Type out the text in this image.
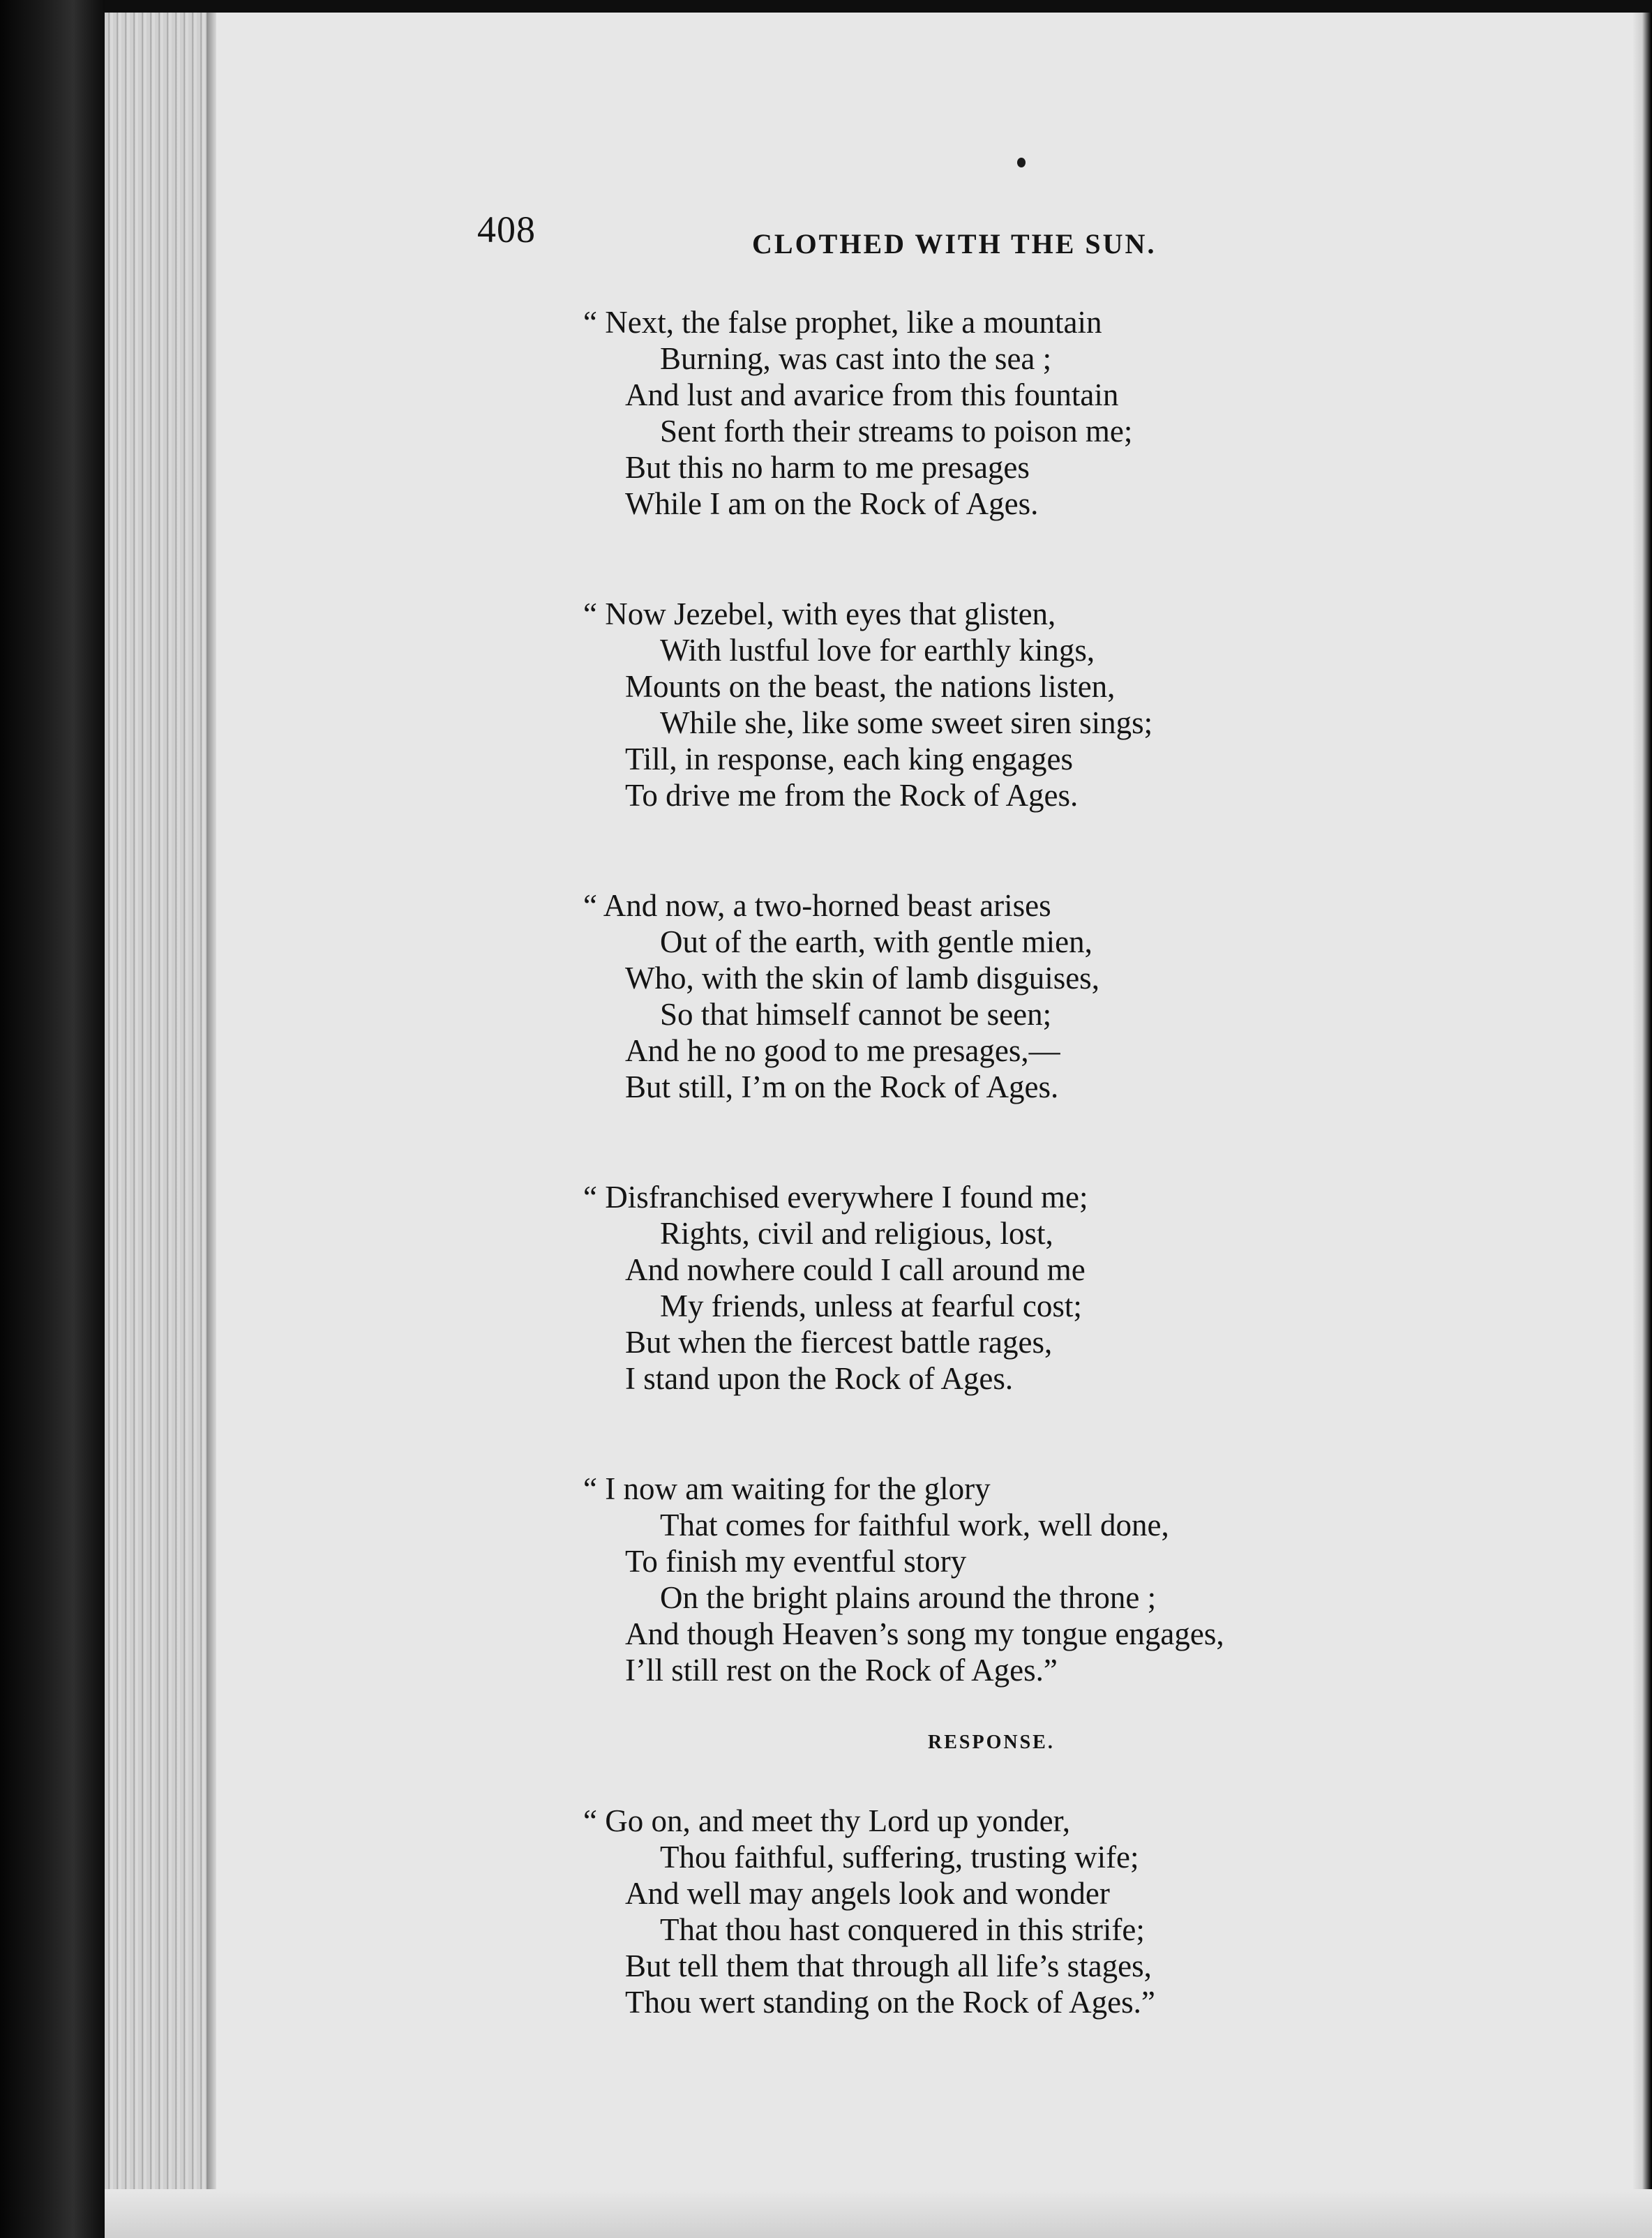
408	CLOTHED WITH THE SUN.
“ Next, the false prophet, like a mountain
Burning, was cast into the sea ;
And lust and avarice from this fountain
Sent forth their streams to poison me;
But this no harm to me presages
While I am on the Rock of Ages.
“ Now Jezebel, with eyes that glisten,
With lustful love for earthly kings,
Mounts on the beast, the nations listen,
While she, like some sweet siren sings;
Till, in response, each king engages
To drive me from the Rock of Ages.
“ And now, a two-horned beast arises
Out of the earth, with gentle mien,
Who, with the skin of lamb disguises,
So that himself cannot be seen;
And he no good to me presages,—
But still, I’m on the Rock of Ages.
“ Disfranchised everywhere I found me;
Rights, civil and religious, lost,
And nowhere could I call around me
My friends, unless at fearful cost;
But when the fiercest battle rages,
I stand upon the Rock of Ages.
“ I now am waiting for the glory
That comes for faithful work, well done,
To finish my eventful story
On the bright plains around the throne ;
And though Heaven’s song my tongue engages,
I’ll still rest on the Rock of Ages.”
RESPONSE.
“ Go on, and meet thy Lord up yonder,
Thou faithful, suffering, trusting wife;
And well may angels look and wonder
That thou hast conquered in this strife;
But tell them that through all life’s stages,
Thou wert standing on the Rock of Ages.”
